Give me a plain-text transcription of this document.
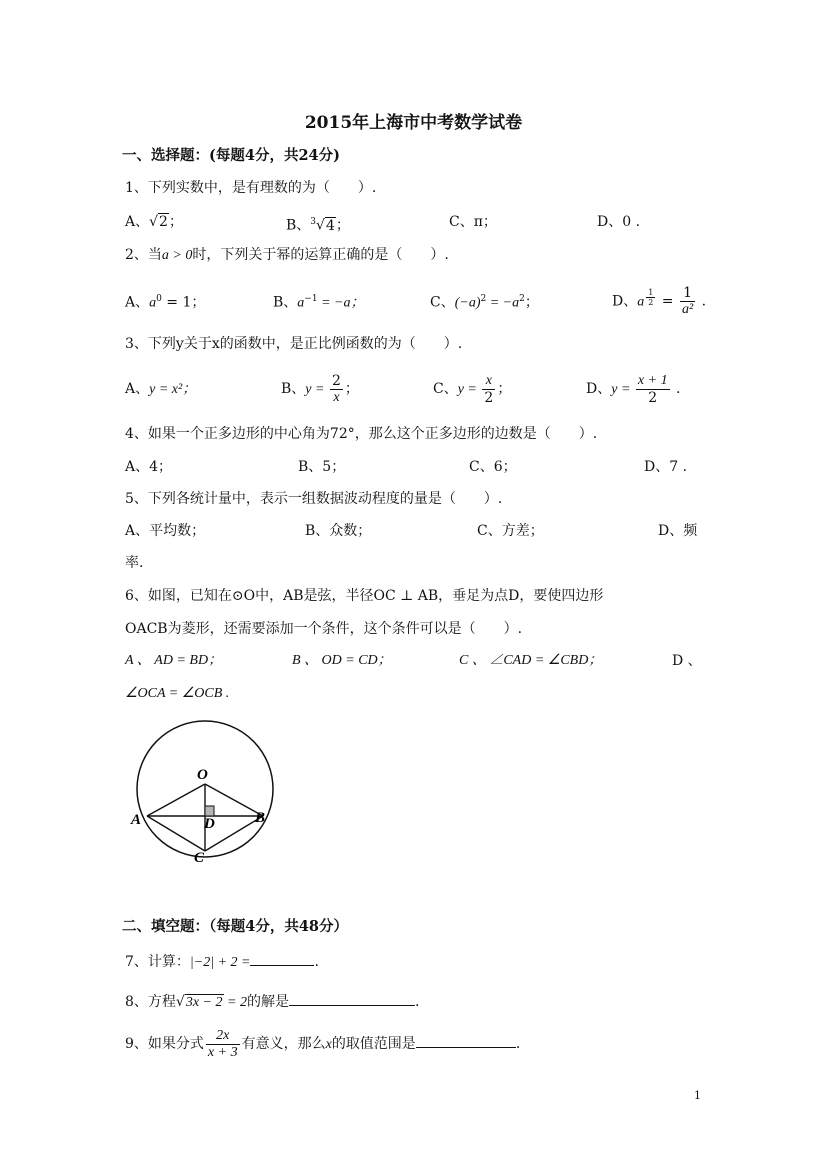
2015年上海市中考数学试卷
一、选择题：(每题4分，共24分)
1、下列实数中，是有理数的为（　　）.
A、√2；	B、$^3$√4；	C、π；	D、0 .
2、当a > 0时，下列关于幂的运算正确的是（　　）.
A、$a^0 = 1$；	B、$a^{-1} = -a$；	C、$(-a)^2 = -a^2$；	D、a $^{\frac{1}{2}} = \frac{1}{\text{a²}}$ .
3、下列y关于x的函数中，是正比例函数的为（　　）.
A、y = x²；	B、$y = \frac{2}{x}$ ；	C、$y = \frac{x}{2}$ ；	D、$y = \frac{x + 1}{2}$ .
4、如果一个正多边形的中心角为72°，那么这个正多边形的边数是（　　）.
A、4；	B、5；	C、6；	D、7 .
5、下列各统计量中，表示一组数据波动程度的量是（　　）.
A、平均数；	B、众数；	C、方差；	D、频
率.
6、如图，已知在⊙O中，AB是弦，半径OC ⊥ AB，垂足为点D，要使四边形
OACB为菱形，还需要添加一个条件，这个条件可以是（　　）.
A 、 AD = BD；	B 、 OD = CD；	C 、 ∠CAD = ∠CBD；	D 、
∠OCA = ∠OCB .
O
A	B
D
C
二、填空题：（每题4分，共48分）
7、计算：|−2| + 2 =	.
8、方程√3x − 2 = 2的解是	.
9、如果分式 $\frac{2x}{x + 3}$ 有意义，那么x的取值范围是	.
1
